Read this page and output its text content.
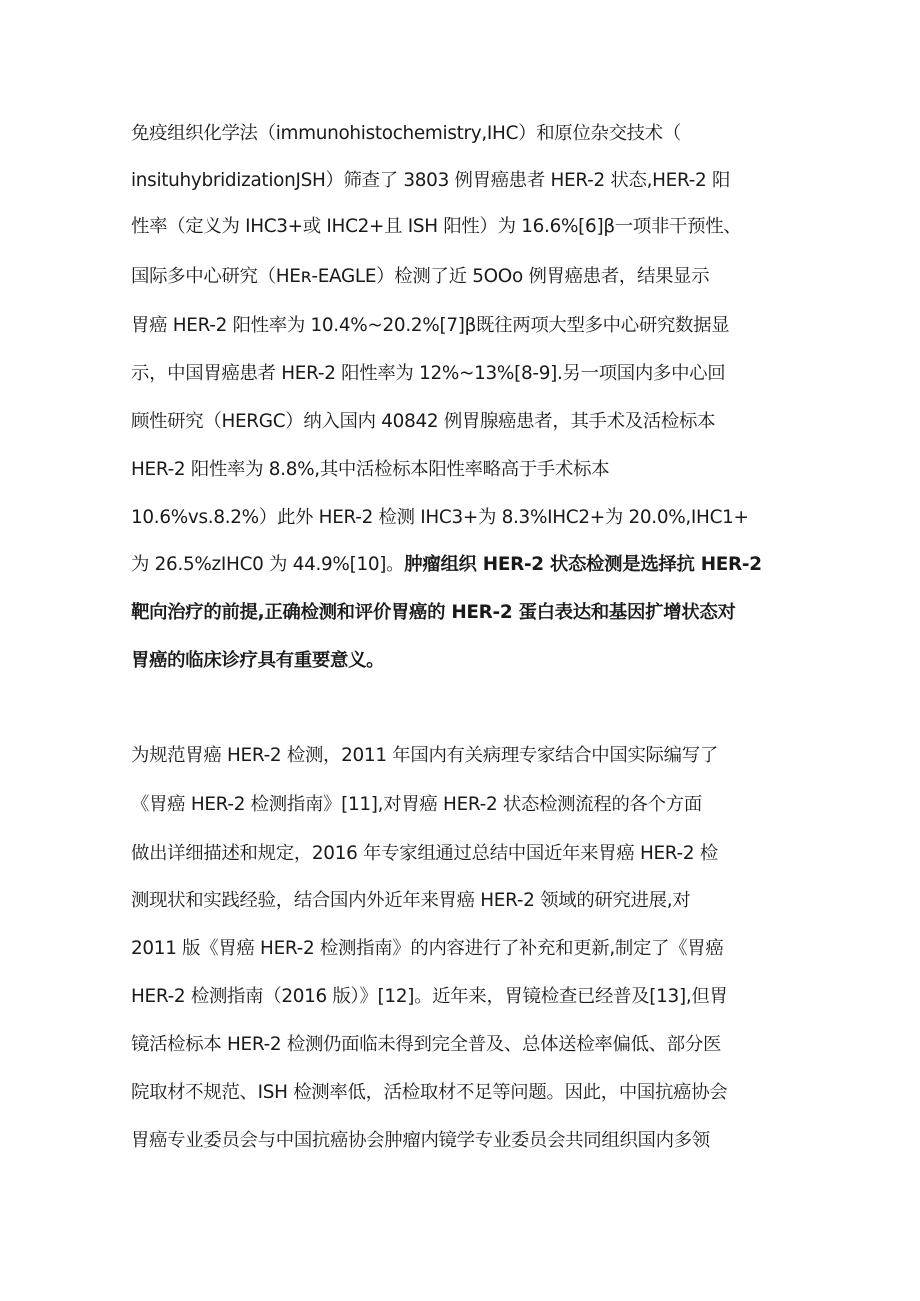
免疫组织化学法（immunohistochemistry,IHC）和原位杂交技术（
insituhybridizationJSH）筛查了 3803 例胃癌患者 HER-2 状态,HER-2 阳
性率（定义为 IHC3+或 IHC2+且 ISH 阳性）为 16.6%[6]β一项非干预性、
国际多中心研究（HEʀ-EAGLE）检测了近 5OOo 例胃癌患者，结果显示
胃癌 HER-2 阳性率为 10.4%~20.2%[7]β既往两项大型多中心研究数据显
示，中国胃癌患者 HER-2 阳性率为 12%~13%[8-9].另一项国内多中心回
顾性研究（HERGC）纳入国内 40842 例胃腺癌患者，其手术及活检标本
HER-2 阳性率为 8.8%,其中活检标本阳性率略高于手术标本
10.6%vs.8.2%）此外 HER-2 检测 IHC3+为 8.3%IHC2+为 20.0%,IHC1+
为 26.5%ᴢIHC0 为 44.9%[10]。肿瘤组织 HER-2 状态检测是选择抗 HER-2
靶向治疗的前提,正确检测和评价胃癌的 HER-2 蛋白表达和基因扩增状态对
胃癌的临床诊疗具有重要意义。
为规范胃癌 HER-2 检测，2011 年国内有关病理专家结合中国实际编写了
《胃癌 HER-2 检测指南》[11],对胃癌 HER-2 状态检测流程的各个方面
做出详细描述和规定，2016 年专家组通过总结中国近年来胃癌 HER-2 检
测现状和实践经验，结合国内外近年来胃癌 HER-2 领域的研究进展,对
2011 版《胃癌 HER-2 检测指南》的内容进行了补充和更新,制定了《胃癌
HER-2 检测指南（2016 版）》[12]。近年来，胃镜检查已经普及[13],但胃
镜活检标本 HER-2 检测仍面临未得到完全普及、总体送检率偏低、部分医
院取材不规范、ISH 检测率低，活检取材不足等问题。因此，中国抗癌协会
胃癌专业委员会与中国抗癌协会肿瘤内镜学专业委员会共同组织国内多领
